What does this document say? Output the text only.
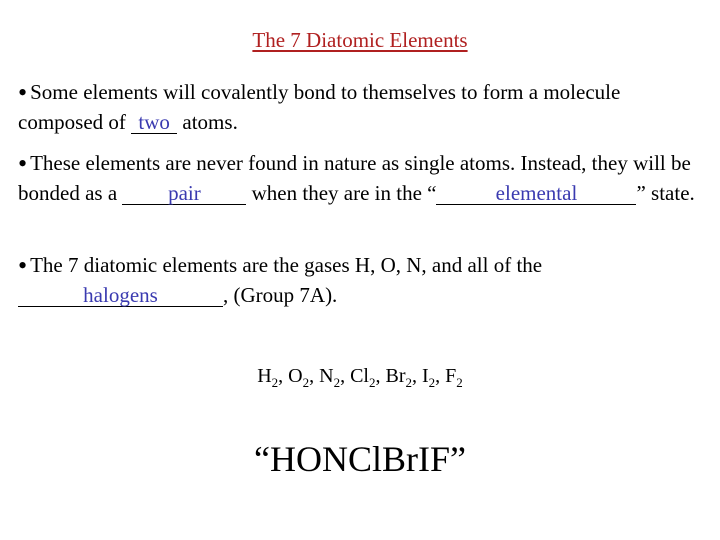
The 7 Diatomic Elements
• Some elements will covalently bond to themselves to form a molecule composed of two atoms.
• These elements are never found in nature as single atoms. Instead, they will be bonded as a pair when they are in the “	elemental	” state.
• The 7 diatomic elements are the gases H, O, N, and all of the halogens	, (Group 7A).
$H_2$, $O_2$, $N_2$, $Cl_2$, $Br_2$, $I_2$, $F_2$
“HONClBrIF”
